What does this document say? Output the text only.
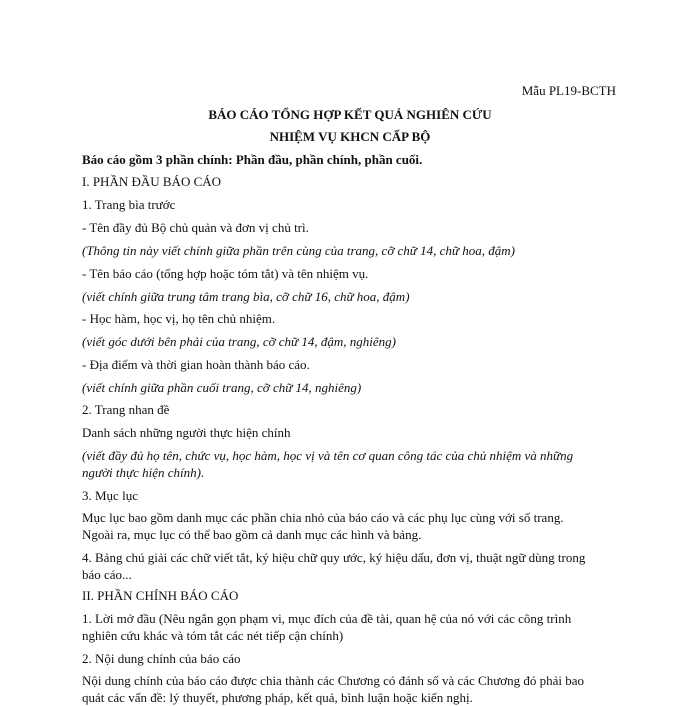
Mẫu PL19-BCTH
BÁO CÁO TỔNG HỢP KẾT QUẢ NGHIÊN CỨU
NHIỆM VỤ KHCN CẤP BỘ
Báo cáo gồm 3 phần chính: Phần đầu, phần chính, phần cuối.
I. PHẦN ĐẦU BÁO CÁO
1. Trang bìa trước
- Tên đầy đủ Bộ chủ quản và đơn vị chủ trì.
(Thông tin này viết chính giữa phần trên cùng của trang, cỡ chữ 14, chữ hoa, đậm)
- Tên báo cáo (tổng hợp hoặc tóm tắt) và tên nhiệm vụ.
(viết chính giữa trung tâm trang bìa, cỡ chữ 16, chữ hoa, đậm)
- Học hàm, học vị, họ tên chủ nhiệm.
(viết góc dưới bên phải của trang, cỡ chữ 14, đậm, nghiêng)
- Địa điểm và thời gian hoàn thành báo cáo.
(viết chính giữa phần cuối trang, cỡ chữ 14, nghiêng)
2. Trang nhan đề
Danh sách những người thực hiện chính
(viết đầy đủ họ tên, chức vụ, học hàm, học vị và tên cơ quan công tác của chủ nhiệm và những
người thực hiện chính).
3. Mục lục
Mục lục bao gồm danh mục các phần chia nhỏ của báo cáo và các phụ lục cùng với số trang.
Ngoài ra, mục lục có thể bao gồm cả danh mục các hình và bảng.
4. Bảng chú giải các chữ viết tắt, ký hiệu chữ quy ước, ký hiệu dấu, đơn vị, thuật ngữ dùng trong
báo cáo...
II. PHẦN CHÍNH BÁO CÁO
1. Lời mở đầu (Nêu ngắn gọn phạm vi, mục đích của đề tài, quan hệ của nó với các công trình
nghiên cứu khác và tóm tắt các nét tiếp cận chính)
2. Nội dung chính của báo cáo
Nội dung chính của báo cáo được chia thành các Chương có đánh số và các Chương đó phải bao
quát các vấn đề: lý thuyết, phương pháp, kết quả, bình luận hoặc kiến nghị.
